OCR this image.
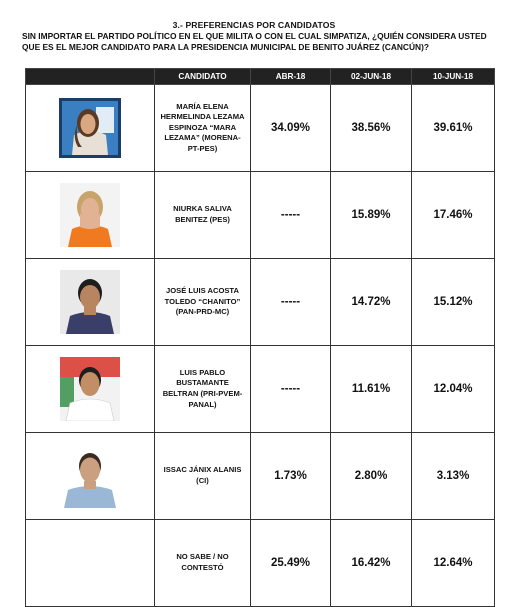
3.- PREFERENCIAS POR CANDIDATOS
SIN IMPORTAR EL PARTIDO POLÍTICO EN EL QUE MILITA O CON EL CUAL SIMPATIZA, ¿QUIÉN CONSIDERA USTED
QUE ES EL MEJOR CANDIDATO PARA LA PRESIDENCIA MUNICIPAL DE BENITO JUÁREZ (CANCÚN)?
	CANDIDATO	ABR-18	02-JUN-18	10-JUN-18

	MARÍA ELENA HERMELINDA LEZAMA ESPINOZA “MARA LEZAMA” (MORENA-PT-PES)	34.09%	38.56%	39.61%

	NIURKA SALIVA BENITEZ (PES)	-----	15.89%	17.46%

	JOSÉ LUIS ACOSTA TOLEDO “CHANITO” (PAN-PRD-MC)	-----	14.72%	15.12%

	LUIS PABLO BUSTAMANTE BELTRAN (PRI-PVEM-PANAL)	-----	11.61%	12.04%

	ISSAC JÁNIX ALANIS (CI)	1.73%	2.80%	3.13%
	NO SABE / NO CONTESTÓ	25.49%	16.42%	12.64%
